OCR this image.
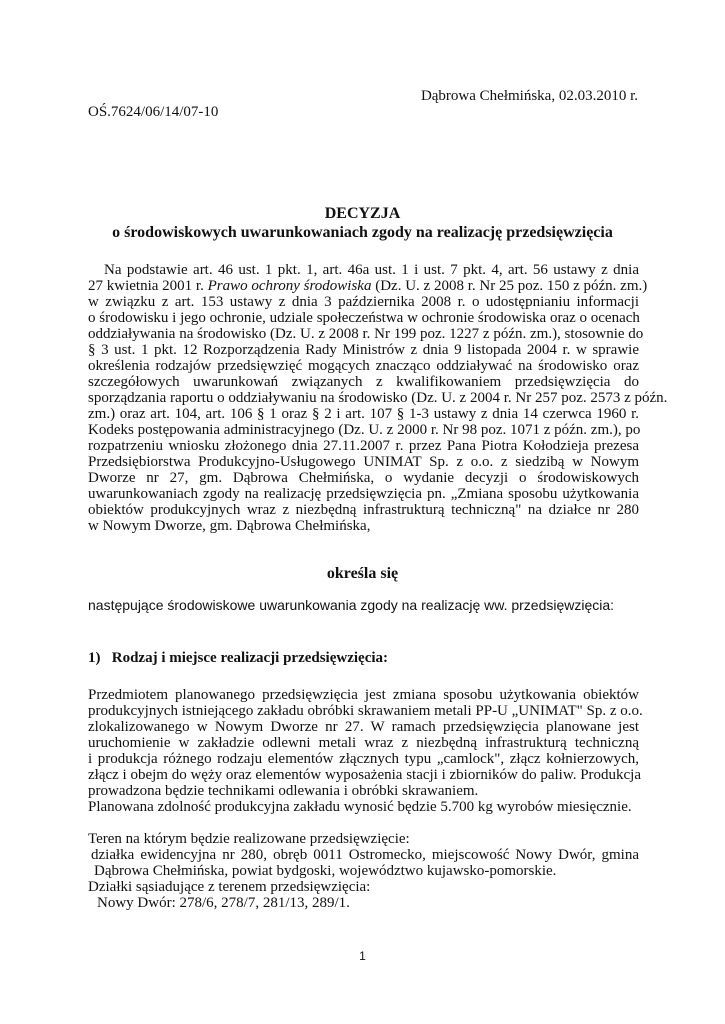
Dąbrowa Chełmińska, 02.03.2010 r.
OŚ.7624/06/14/07-10
DECYZJA
o środowiskowych uwarunkowaniach zgody na realizację przedsięwzięcia
Na podstawie art. 46 ust. 1 pkt. 1, art. 46a ust. 1 i ust. 7 pkt. 4, art. 56 ustawy z dnia
27 kwietnia 2001 r. Prawo ochrony środowiska (Dz. U. z 2008 r. Nr 25 poz. 150 z późn. zm.)
w związku z art. 153 ustawy z dnia 3 października 2008 r. o udostępnianiu informacji
o środowisku i jego ochronie, udziale społeczeństwa w ochronie środowiska oraz o ocenach
oddziaływania na środowisko (Dz. U. z 2008 r. Nr 199 poz. 1227 z późn. zm.), stosownie do
§ 3 ust. 1 pkt. 12 Rozporządzenia Rady Ministrów z dnia 9 listopada 2004 r. w sprawie
określenia rodzajów przedsięwzięć mogących znacząco oddziaływać na środowisko oraz
szczegółowych uwarunkowań związanych z kwalifikowaniem przedsięwzięcia do
sporządzania raportu o oddziaływaniu na środowisko (Dz. U. z 2004 r. Nr 257 poz. 2573 z późn.
zm.) oraz art. 104, art. 106 § 1 oraz § 2 i art. 107 § 1-3 ustawy z dnia 14 czerwca 1960 r.
Kodeks postępowania administracyjnego (Dz. U. z 2000 r. Nr 98 poz. 1071 z późn. zm.), po
rozpatrzeniu wniosku złożonego dnia 27.11.2007 r. przez Pana Piotra Kołodzieja prezesa
Przedsiębiorstwa Produkcyjno-Usługowego UNIMAT Sp. z o.o. z siedzibą w Nowym
Dworze nr 27, gm. Dąbrowa Chełmińska, o wydanie decyzji o środowiskowych
uwarunkowaniach zgody na realizację przedsięwzięcia pn. „Zmiana sposobu użytkowania
obiektów produkcyjnych wraz z niezbędną infrastrukturą techniczną" na działce nr 280
w Nowym Dworze, gm. Dąbrowa Chełmińska,
określa się
następujące środowiskowe uwarunkowania zgody na realizację ww. przedsięwzięcia:
1)   Rodzaj i miejsce realizacji przedsięwzięcia:
Przedmiotem planowanego przedsięwzięcia jest zmiana sposobu użytkowania obiektów
produkcyjnych istniejącego zakładu obróbki skrawaniem metali PP-U „UNIMAT" Sp. z o.o.
zlokalizowanego w Nowym Dworze nr 27. W ramach przedsięwzięcia planowane jest
uruchomienie w zakładzie odlewni metali wraz z niezbędną infrastrukturą techniczną
i produkcja różnego rodzaju elementów złącznych typu „camlock", złącz kołnierzowych,
złącz i obejm do węży oraz elementów wyposażenia stacji i zbiorników do paliw. Produkcja
prowadzona będzie technikami odlewania i obróbki skrawaniem.
Planowana zdolność produkcyjna zakładu wynosić będzie 5.700 kg wyrobów miesięcznie.
Teren na którym będzie realizowane przedsięwzięcie:
działka ewidencyjna nr 280, obręb 0011 Ostromecko, miejscowość Nowy Dwór, gmina
Dąbrowa Chełmińska, powiat bydgoski, województwo kujawsko-pomorskie.
Działki sąsiadujące z terenem przedsięwzięcia:
Nowy Dwór: 278/6, 278/7, 281/13, 289/1.
1
